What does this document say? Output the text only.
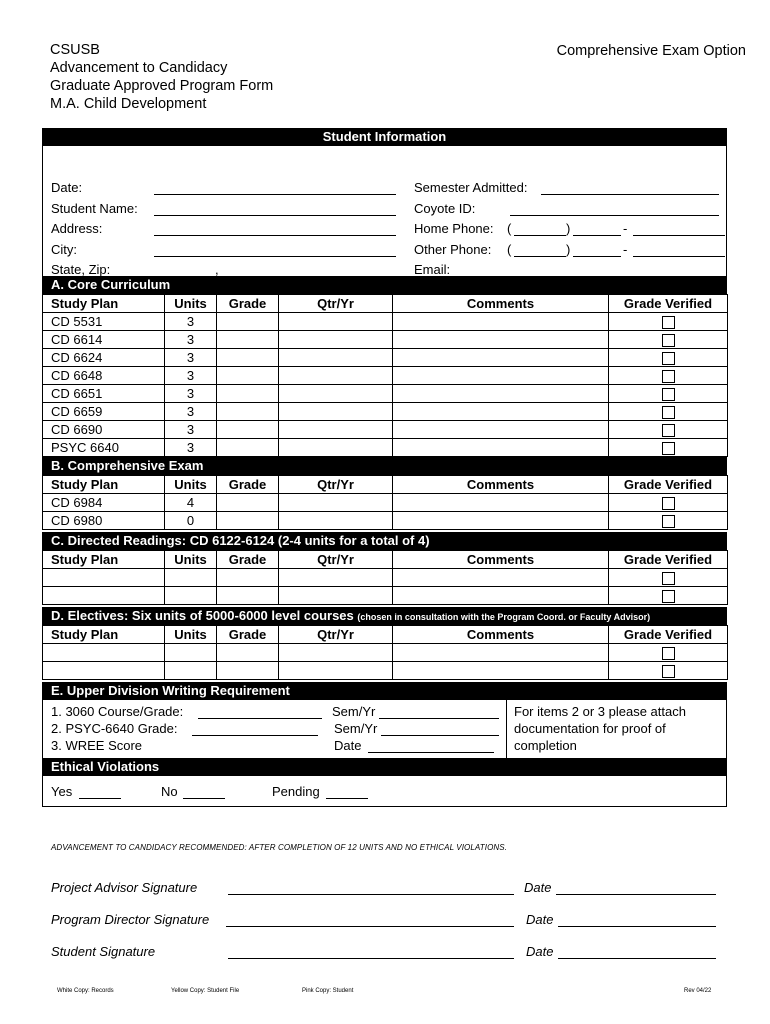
CSUSB
Advancement to Candidacy
Graduate Approved Program Form
M.A. Child Development
Comprehensive Exam Option
Student Information
Date:
Student Name:
Address:
City:
State, Zip:	,
Semester Admitted:
Coyote ID:
Home Phone: (	)	-
Other Phone: (	)	-
Email:
A. Core Curriculum
Study Plan	Units	Grade	Qtr/Yr	Comments	Grade Verified
CD 5531	3				
CD 6614	3				
CD 6624	3				
CD 6648	3				
CD 6651	3				
CD 6659	3				
CD 6690	3				
PSYC 6640	3				
B. Comprehensive Exam
Study Plan	Units	Grade	Qtr/Yr	Comments	Grade Verified
CD 6984	4				
CD 6980	0				
C. Directed Readings: CD 6122-6124 (2-4 units for a total of 4)
Study Plan	Units	Grade	Qtr/Yr	Comments	Grade Verified

D. Electives: Six units of 5000-6000 level courses (chosen in consultation with the Program Coord. or Faculty Advisor)
Study Plan	Units	Grade	Qtr/Yr	Comments	Grade Verified

E. Upper Division Writing Requirement
1. 3060 Course/Grade:	Sem/Yr
2. PSYC-6640 Grade:	Sem/Yr
3. WREE Score	Date
For items 2 or 3 please attach
documentation for proof of
completion
Ethical Violations
Yes	No	Pending
ADVANCEMENT TO CANDIDACY RECOMMENDED: AFTER COMPLETION OF 12 UNITS AND NO ETHICAL VIOLATIONS.
Project Advisor Signature	Date
Program Director Signature	Date
Student Signature	Date
White Copy: Records	Yellow Copy: Student File	Pink Copy: Student	Rev 04/22
